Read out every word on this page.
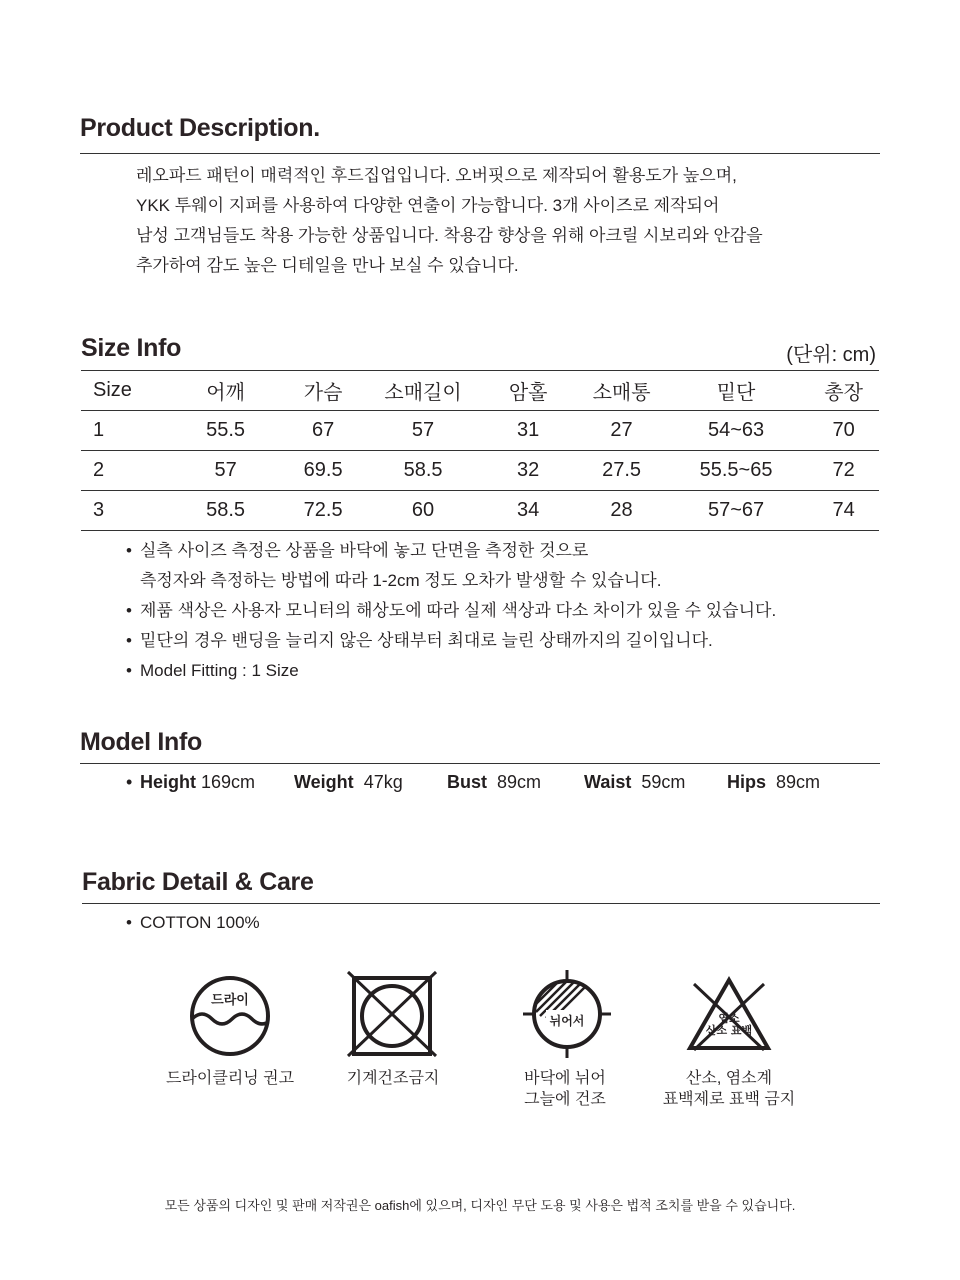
Product Description.

레오파드 패턴이 매력적인 후드집업입니다. 오버핏으로 제작되어 활용도가 높으며,

YKK 투웨이 지퍼를 사용하여 다양한 연출이 가능합니다. 3개 사이즈로 제작되어

남성 고객님들도 착용 가능한 상품입니다. 착용감 향상을 위해 아크릴 시보리와 안감을

추가하여 감도 높은 디테일을 만나 보실 수 있습니다.

Size Info	(단위: cm)
Size	어깨	가슴	소매길이	암홀	소매통	밑단	총장
1	55.5	67	57	31	27	54~63	70
2	57	69.5	58.5	32	27.5	55.5~65	72
3	58.5	72.5	60	34	28	57~67	74
• 실측 사이즈 측정은 상품을 바닥에 놓고 단면을 측정한 것으로
측정자와 측정하는 방법에 따라 1-2cm 정도 오차가 발생할 수 있습니다.
• 제품 색상은 사용자 모니터의 해상도에 따라 실제 색상과 다소 차이가 있을 수 있습니다.
• 밑단의 경우 밴딩을 늘리지 않은 상태부터 최대로 늘린 상태까지의 길이입니다.
• Model Fitting : 1 Size
Model Info
• Height 169cm Weight 47kg Bust 89cm Waist 59cm Hips 89cm
Fabric Detail & Care
• COTTON 100%
드라이
뉘어서	염소
산소 표백
드라이클리닝 권고	기계건조금지	바닥에 뉘어
그늘에 건조
산소, 염소계
표백제로 표백 금지
모든 상품의 디자인 및 판매 저작권은 oafish에 있으며, 디자인 무단 도용 및 사용은 법적 조치를 받을 수 있습니다.
